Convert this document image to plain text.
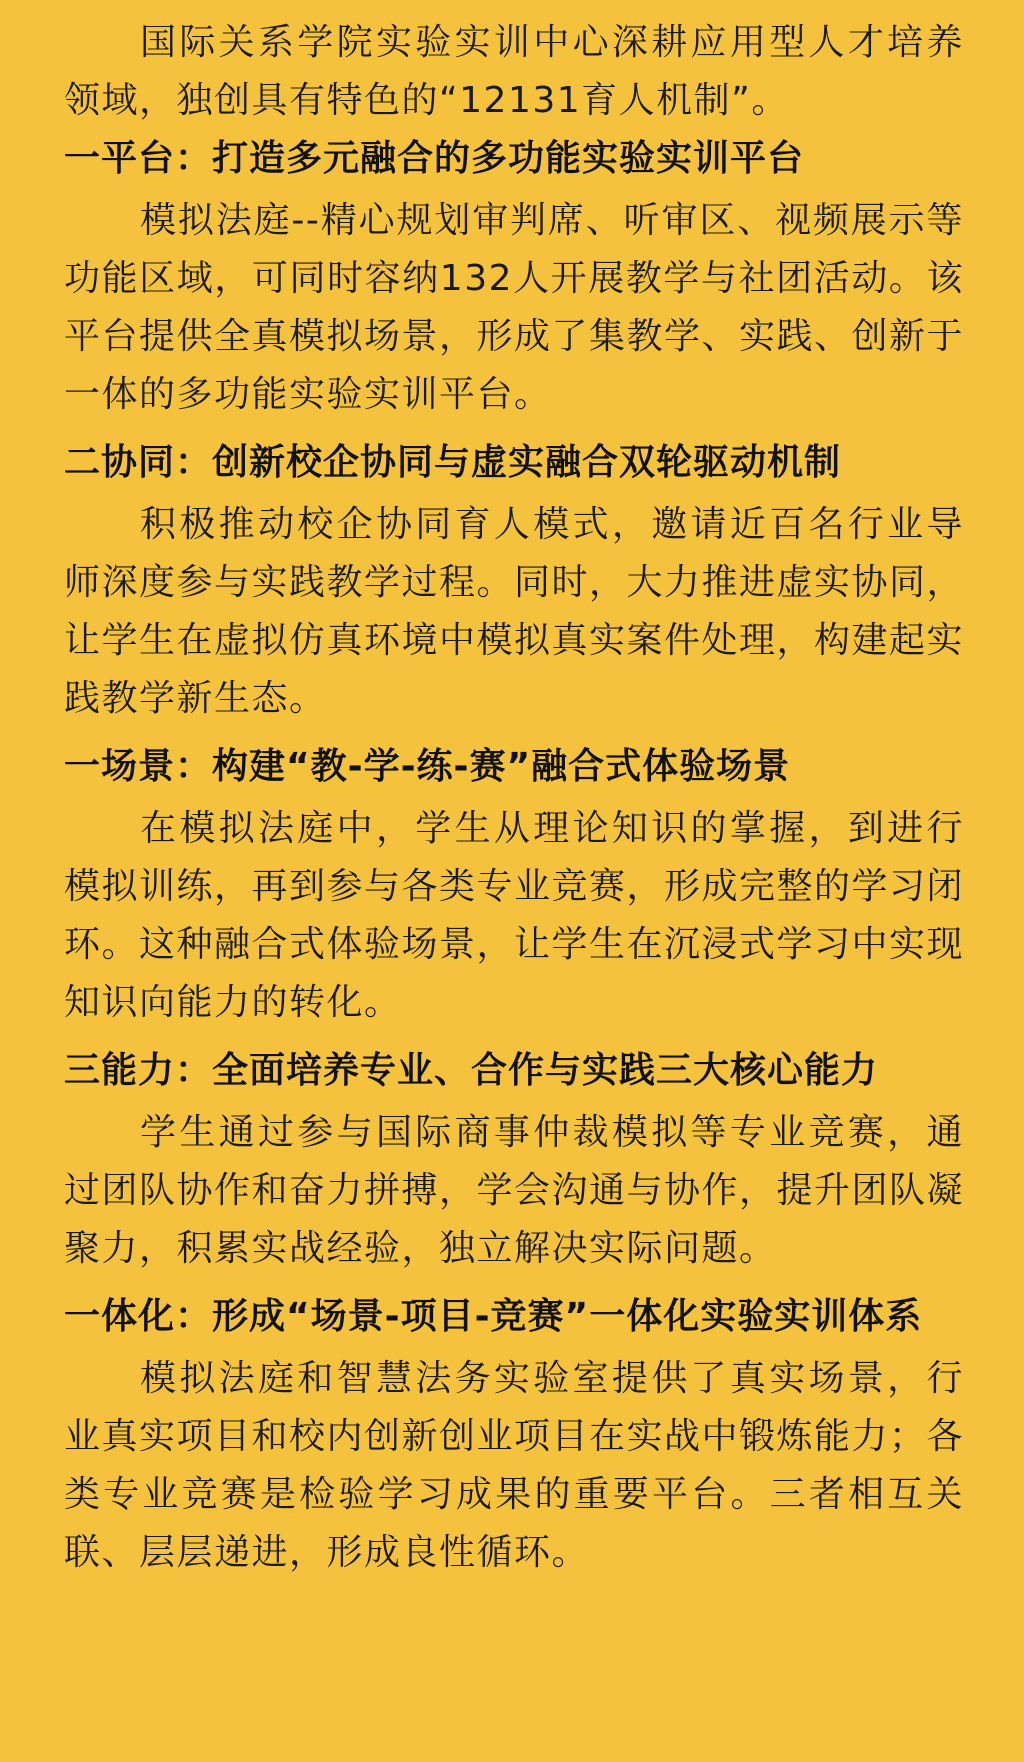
国际关系学院实验实训中心深耕应用型人才培养领域，独创具有特色的“12131育人机制”。

一平台：打造多元融合的多功能实验实训平台

模拟法庭--精心规划审判席、听审区、视频展示等功能区域，可同时容纳132人开展教学与社团活动。该平台提供全真模拟场景，形成了集教学、实践、创新于一体的多功能实验实训平台。

二协同：创新校企协同与虚实融合双轮驱动机制

积极推动校企协同育人模式，邀请近百名行业导师深度参与实践教学过程。同时，大力推进虚实协同，让学生在虚拟仿真环境中模拟真实案件处理，构建起实践教学新生态。

一场景：构建“教-学-练-赛”融合式体验场景

在模拟法庭中，学生从理论知识的掌握，到进行模拟训练，再到参与各类专业竞赛，形成完整的学习闭环。这种融合式体验场景，让学生在沉浸式学习中实现知识向能力的转化。

三能力：全面培养专业、合作与实践三大核心能力

学生通过参与国际商事仲裁模拟等专业竞赛，通过团队协作和奋力拼搏，学会沟通与协作，提升团队凝聚力，积累实战经验，独立解决实际问题。

一体化：形成“场景-项目-竞赛”一体化实验实训体系

模拟法庭和智慧法务实验室提供了真实场景，行业真实项目和校内创新创业项目在实战中锻炼能力；各类专业竞赛是检验学习成果的重要平台。三者相互关联、层层递进，形成良性循环。
